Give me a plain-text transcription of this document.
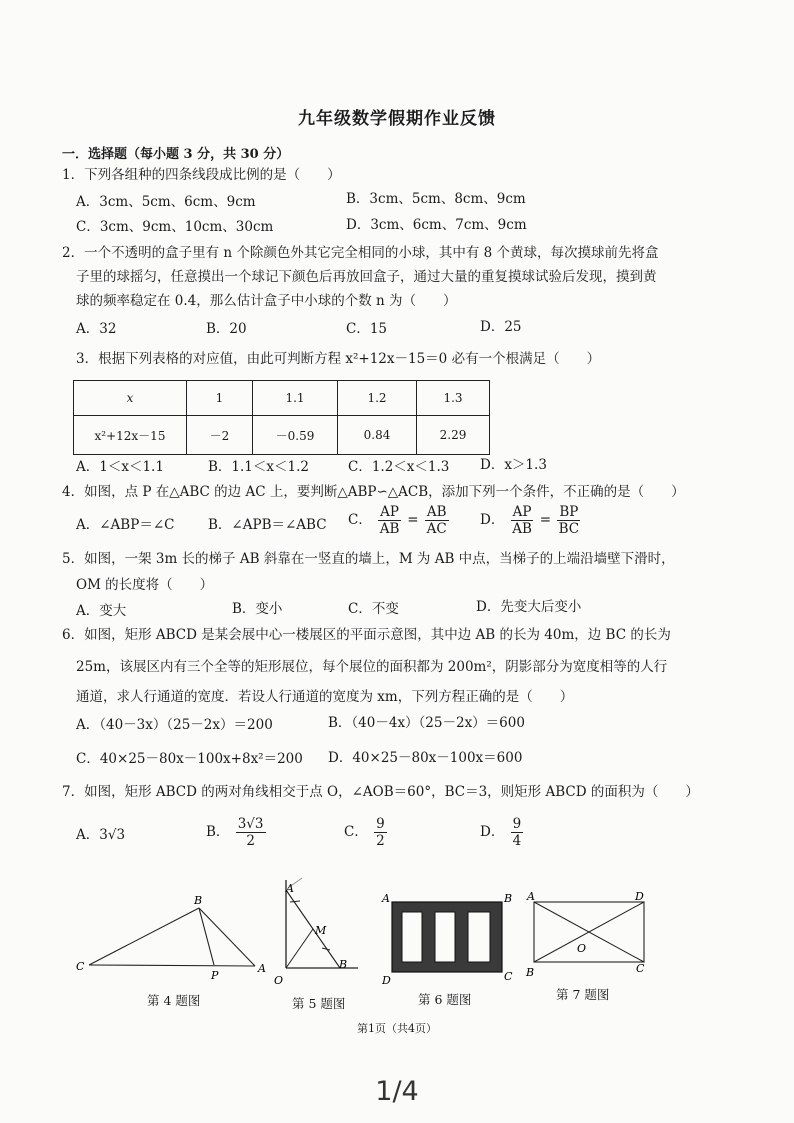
九年级数学假期作业反馈
一．选择题（每小题 3 分，共 30 分）
1．下列各组种的四条线段成比例的是（　　）
A．3cm、5cm、6cm、9cm	B．3cm、5cm、8cm、9cm
C．3cm、9cm、10cm、30cm	D．3cm、6cm、7cm、9cm
2．一个不透明的盒子里有 n 个除颜色外其它完全相同的小球，其中有 8 个黄球，每次摸球前先将盒
子里的球摇匀，任意摸出一个球记下颜色后再放回盒子，通过大量的重复摸球试验后发现，摸到黄
球的频率稳定在 0.4，那么估计盒子中小球的个数 n 为（　　）
A．32	B．20	C．15	D．25
3．根据下列表格的对应值，由此可判断方程 x²+12x－15＝0 必有一个根满足（　　）
x	1	1.1	1.2	1.3
x²+12x－15	－2	－0.59	0.84	2.29
A．1＜x＜1.1	B．1.1＜x＜1.2	C．1.2＜x＜1.3 D．x＞1.3
4．如图，点 P 在△ABC 的边 AC 上，要判断△ABP∽△ACB，添加下列一个条件，不正确的是（　　）
A．∠ABP＝∠C B．∠APB＝∠ABC C． $\frac{AP}{AB} = \frac{AB}{AC}$ D． $\frac{AP}{AB} = \frac{BP}{BC}$
5．如图，一架 3m 长的梯子 AB 斜靠在一竖直的墙上，M 为 AB 中点，当梯子的上端沿墙壁下滑时，
OM 的长度将（　　）
A．变大	B．变小	C．不变	D．先变大后变小
6．如图，矩形 ABCD 是某会展中心一楼展区的平面示意图，其中边 AB 的长为 40m，边 BC 的长为
25m，该展区内有三个全等的矩形展位，每个展位的面积都为 200m²，阴影部分为宽度相等的人行
通道，求人行通道的宽度．若设人行通道的宽度为 xm，下列方程正确的是（　　）
A．（40－3x）（25－2x）＝200	B．（40－4x）（25－2x）＝600
C．40×25－80x－100x+8x²＝200 D．40×25－80x－100x＝600
7．如图，矩形 ABCD 的两对角线相交于点 O，∠AOB＝60°，BC＝3，则矩形 ABCD 的面积为（　　）
A．3√3	B． $\frac{3√3}{2}$	C． $\frac{9}{2}$	D． $\frac{9}{4}$
B
C
P
A
第 4 题图
A
M
O
B
第 5 题图
A	B
D	C
第 6 题图
A	D
O
B	C
第 7 题图
第1页（共4页）
1/4
